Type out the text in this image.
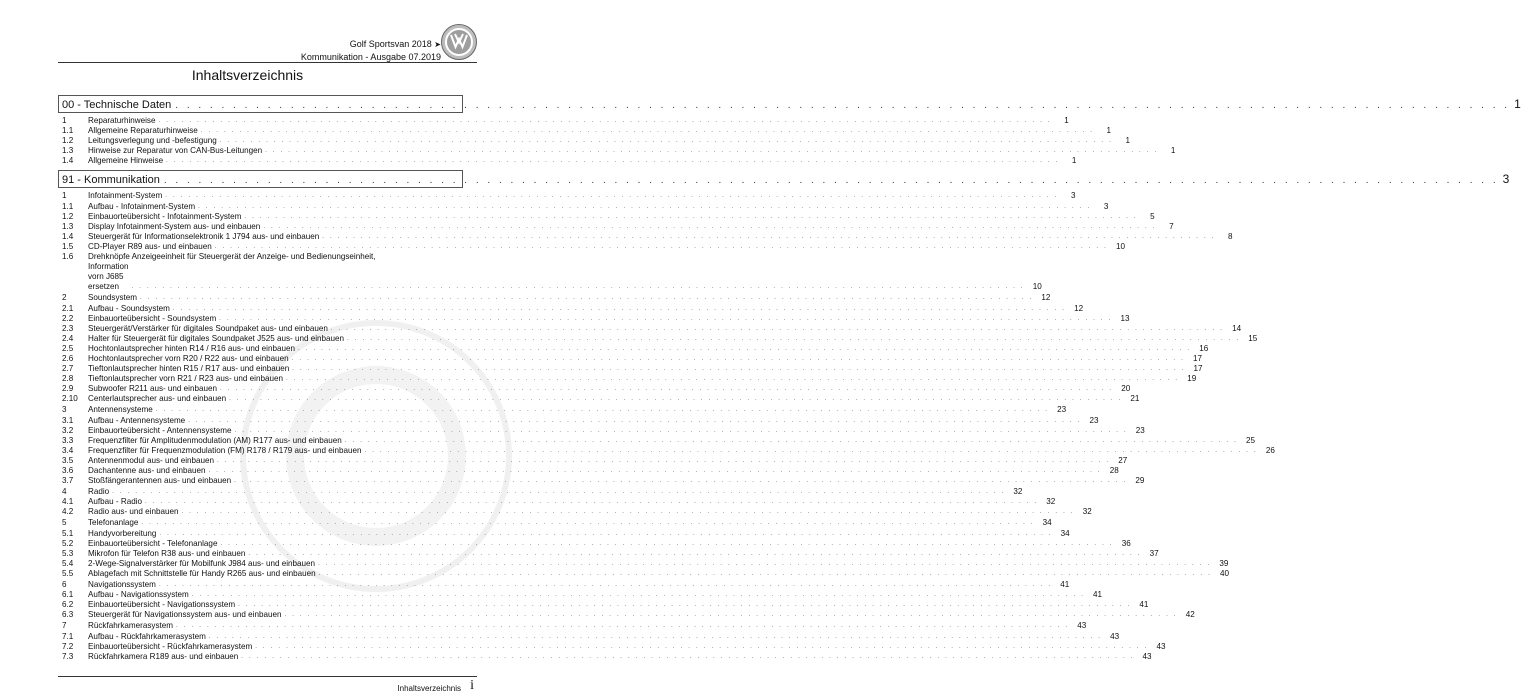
Golf Sportsvan 2018 ➤
Kommunikation - Ausgabe 07.2019
Inhaltsverzeichnis
00 - Technische Daten . . . . . . . . . . . . . . . . . . . . . . . . . . . . . . . . . . . . . . . . . . . . . . . . . . . . . . . . . . . . . . . . . . . . . . . . . . . . . . . . . . . . . . . . . . . . . . . . . . . . . . . . . . . . . . . . . . . . 1
1	Reparaturhinweise . . . . . . . . . . . . . . . . . . . . . . . . . . . . . . . . . . . . . . . . . . . . . . . . . . . . . . . . . . . . . . . . . . . . . . . . . . . . . . . . . . . . . . . . . . . . . . . . . . . . . . . . . . . . . . . . . . . .	1
1.1	Allgemeine Reparaturhinweise . . . . . . . . . . . . . . . . . . . . . . . . . . . . . . . . . . . . . . . . . . . . . . . . . . . . . . . . . . . . . . . . . . . . . . . . . . . . . . . . . . . . . . . . . . . . . . . . . . . . . . . . . . . . . . . . . . . .	1
1.2	Leitungsverlegung und -befestigung . . . . . . . . . . . . . . . . . . . . . . . . . . . . . . . . . . . . . . . . . . . . . . . . . . . . . . . . . . . . . . . . . . . . . . . . . . . . . . . . . . . . . . . . . . . . . . . . . . . . . . . . . . . . . . . . . . . .	1
1.3	Hinweise zur Reparatur von CAN-Bus-Leitungen . . . . . . . . . . . . . . . . . . . . . . . . . . . . . . . . . . . . . . . . . . . . . . . . . . . . . . . . . . . . . . . . . . . . . . . . . . . . . . . . . . . . . . . . . . . . . . . . . . . . . . . . . . . . . . . . . . . .	1
1.4	Allgemeine Hinweise . . . . . . . . . . . . . . . . . . . . . . . . . . . . . . . . . . . . . . . . . . . . . . . . . . . . . . . . . . . . . . . . . . . . . . . . . . . . . . . . . . . . . . . . . . . . . . . . . . . . . . . . . . . . . . . . . . . .	1
91 - Kommunikation . . . . . . . . . . . . . . . . . . . . . . . . . . . . . . . . . . . . . . . . . . . . . . . . . . . . . . . . . . . . . . . . . . . . . . . . . . . . . . . . . . . . . . . . . . . . . . . . . . . . . . . . . . . . . . . . . . . . 3
1	Infotainment-System . . . . . . . . . . . . . . . . . . . . . . . . . . . . . . . . . . . . . . . . . . . . . . . . . . . . . . . . . . . . . . . . . . . . . . . . . . . . . . . . . . . . . . . . . . . . . . . . . . . . . . . . . . . . . . . . . . . .	3
1.1	Aufbau - Infotainment-System . . . . . . . . . . . . . . . . . . . . . . . . . . . . . . . . . . . . . . . . . . . . . . . . . . . . . . . . . . . . . . . . . . . . . . . . . . . . . . . . . . . . . . . . . . . . . . . . . . . . . . . . . . . . . . . . . . . .	3
1.2	Einbauorteübersicht - Infotainment-System . . . . . . . . . . . . . . . . . . . . . . . . . . . . . . . . . . . . . . . . . . . . . . . . . . . . . . . . . . . . . . . . . . . . . . . . . . . . . . . . . . . . . . . . . . . . . . . . . . . . . . . . . . . . . . . . . . . .	5
1.3	Display Infotainment-System aus- und einbauen . . . . . . . . . . . . . . . . . . . . . . . . . . . . . . . . . . . . . . . . . . . . . . . . . . . . . . . . . . . . . . . . . . . . . . . . . . . . . . . . . . . . . . . . . . . . . . . . . . . . . . . . . . . . . . . . . . . .	7
1.4	Steuergerät für Informationselektronik 1 J794 aus- und einbauen . . . . . . . . . . . . . . . . . . . . . . . . . . . . . . . . . . . . . . . . . . . . . . . . . . . . . . . . . . . . . . . . . . . . . . . . . . . . . . . . . . . . . . . . . . . . . . . . . . . . . . . . . . . . . . . . . . . .	8
1.5	CD-Player R89 aus- und einbauen . . . . . . . . . . . . . . . . . . . . . . . . . . . . . . . . . . . . . . . . . . . . . . . . . . . . . . . . . . . . . . . . . . . . . . . . . . . . . . . . . . . . . . . . . . . . . . . . . . . . . . . . . . . . . . . . . . . . 10
1.6	Drehknöpfe Anzeigeeinheit für Steuergerät der Anzeige- und Bedienungseinheit,
Information vorn J685 ersetzen	. . . . . . . . . . . . . . . . . . . . . . . . . . . . . . . . . . . . . . . . . . . . . . . . . . . . . . . . . . . . . . . . . . . . . . . . . . . . . . . . . . . . . . . . . . . . . . . . . . . . . . . . . . . . . . . . . . . . 10
2	Soundsystem . . . . . . . . . . . . . . . . . . . . . . . . . . . . . . . . . . . . . . . . . . . . . . . . . . . . . . . . . . . . . . . . . . . . . . . . . . . . . . . . . . . . . . . . . . . . . . . . . . . . . . . . . . . . . . . . . . . . 12
2.1	Aufbau - Soundsystem . . . . . . . . . . . . . . . . . . . . . . . . . . . . . . . . . . . . . . . . . . . . . . . . . . . . . . . . . . . . . . . . . . . . . . . . . . . . . . . . . . . . . . . . . . . . . . . . . . . . . . . . . . . . . . . . . . . . 12
2.2	Einbauorteübersicht - Soundsystem . . . . . . . . . . . . . . . . . . . . . . . . . . . . . . . . . . . . . . . . . . . . . . . . . . . . . . . . . . . . . . . . . . . . . . . . . . . . . . . . . . . . . . . . . . . . . . . . . . . . . . . . . . . . . . . . . . . . 13
2.3	Steuergerät/Verstärker für digitales Soundpaket aus- und einbauen . . . . . . . . . . . . . . . . . . . . . . . . . . . . . . . . . . . . . . . . . . . . . . . . . . . . . . . . . . . . . . . . . . . . . . . . . . . . . . . . . . . . . . . . . . . . . . . . . . . . . . . . . . . . . . . . . . . . 14
2.4	Halter für Steuergerät für digitales Soundpaket J525 aus- und einbauen . . . . . . . . . . . . . . . . . . . . . . . . . . . . . . . . . . . . . . . . . . . . . . . . . . . . . . . . . . . . . . . . . . . . . . . . . . . . . . . . . . . . . . . . . . . . . . . . . . . . . . . . . . . . . . . . . . . . 15
2.5	Hochtonlautsprecher hinten R14 / R16 aus- und einbauen . . . . . . . . . . . . . . . . . . . . . . . . . . . . . . . . . . . . . . . . . . . . . . . . . . . . . . . . . . . . . . . . . . . . . . . . . . . . . . . . . . . . . . . . . . . . . . . . . . . . . . . . . . . . . . . . . . . . 16
2.6	Hochtonlautsprecher vorn R20 / R22 aus- und einbauen . . . . . . . . . . . . . . . . . . . . . . . . . . . . . . . . . . . . . . . . . . . . . . . . . . . . . . . . . . . . . . . . . . . . . . . . . . . . . . . . . . . . . . . . . . . . . . . . . . . . . . . . . . . . . . . . . . . . 17
2.7	Tieftonlautsprecher hinten R15 / R17 aus- und einbauen . . . . . . . . . . . . . . . . . . . . . . . . . . . . . . . . . . . . . . . . . . . . . . . . . . . . . . . . . . . . . . . . . . . . . . . . . . . . . . . . . . . . . . . . . . . . . . . . . . . . . . . . . . . . . . . . . . . . 17
2.8	Tieftonlautsprecher vorn R21 / R23 aus- und einbauen . . . . . . . . . . . . . . . . . . . . . . . . . . . . . . . . . . . . . . . . . . . . . . . . . . . . . . . . . . . . . . . . . . . . . . . . . . . . . . . . . . . . . . . . . . . . . . . . . . . . . . . . . . . . . . . . . . . . 19
2.9	Subwoofer R211 aus- und einbauen . . . . . . . . . . . . . . . . . . . . . . . . . . . . . . . . . . . . . . . . . . . . . . . . . . . . . . . . . . . . . . . . . . . . . . . . . . . . . . . . . . . . . . . . . . . . . . . . . . . . . . . . . . . . . . . . . . . . 20
2.10	Centerlautsprecher aus- und einbauen . . . . . . . . . . . . . . . . . . . . . . . . . . . . . . . . . . . . . . . . . . . . . . . . . . . . . . . . . . . . . . . . . . . . . . . . . . . . . . . . . . . . . . . . . . . . . . . . . . . . . . . . . . . . . . . . . . . . 21
3	Antennensysteme . . . . . . . . . . . . . . . . . . . . . . . . . . . . . . . . . . . . . . . . . . . . . . . . . . . . . . . . . . . . . . . . . . . . . . . . . . . . . . . . . . . . . . . . . . . . . . . . . . . . . . . . . . . . . . . . . . . . 23
3.1	Aufbau - Antennensysteme . . . . . . . . . . . . . . . . . . . . . . . . . . . . . . . . . . . . . . . . . . . . . . . . . . . . . . . . . . . . . . . . . . . . . . . . . . . . . . . . . . . . . . . . . . . . . . . . . . . . . . . . . . . . . . . . . . . . 23
3.2	Einbauorteübersicht - Antennensysteme . . . . . . . . . . . . . . . . . . . . . . . . . . . . . . . . . . . . . . . . . . . . . . . . . . . . . . . . . . . . . . . . . . . . . . . . . . . . . . . . . . . . . . . . . . . . . . . . . . . . . . . . . . . . . . . . . . . . 23
3.3	Frequenzfilter für Amplitudenmodulation (AM) R177 aus- und einbauen . . . . . . . . . . . . . . . . . . . . . . . . . . . . . . . . . . . . . . . . . . . . . . . . . . . . . . . . . . . . . . . . . . . . . . . . . . . . . . . . . . . . . . . . . . . . . . . . . . . . . . . . . . . . . . . . . . . . 25
3.4	Frequenzfilter für Frequenzmodulation (FM) R178 / R179 aus- und einbauen . . . . . . . . . . . . . . . . . . . . . . . . . . . . . . . . . . . . . . . . . . . . . . . . . . . . . . . . . . . . . . . . . . . . . . . . . . . . . . . . . . . . . . . . . . . . . . . . . . . . . . . . . . . . . . . . . . . . 26
3.5	Antennenmodul aus- und einbauen . . . . . . . . . . . . . . . . . . . . . . . . . . . . . . . . . . . . . . . . . . . . . . . . . . . . . . . . . . . . . . . . . . . . . . . . . . . . . . . . . . . . . . . . . . . . . . . . . . . . . . . . . . . . . . . . . . . . 27
3.6	Dachantenne aus- und einbauen . . . . . . . . . . . . . . . . . . . . . . . . . . . . . . . . . . . . . . . . . . . . . . . . . . . . . . . . . . . . . . . . . . . . . . . . . . . . . . . . . . . . . . . . . . . . . . . . . . . . . . . . . . . . . . . . . . . . 28
3.7	Stoßfängerantennen aus- und einbauen . . . . . . . . . . . . . . . . . . . . . . . . . . . . . . . . . . . . . . . . . . . . . . . . . . . . . . . . . . . . . . . . . . . . . . . . . . . . . . . . . . . . . . . . . . . . . . . . . . . . . . . . . . . . . . . . . . . . 29
4	Radio . . . . . . . . . . . . . . . . . . . . . . . . . . . . . . . . . . . . . . . . . . . . . . . . . . . . . . . . . . . . . . . . . . . . . . . . . . . . . . . . . . . . . . . . . . . . . . . . . . . . . . . . . . . . . . . . . . . . 32
4.1	Aufbau - Radio . . . . . . . . . . . . . . . . . . . . . . . . . . . . . . . . . . . . . . . . . . . . . . . . . . . . . . . . . . . . . . . . . . . . . . . . . . . . . . . . . . . . . . . . . . . . . . . . . . . . . . . . . . . . . . . . . . . . 32
4.2	Radio aus- und einbauen . . . . . . . . . . . . . . . . . . . . . . . . . . . . . . . . . . . . . . . . . . . . . . . . . . . . . . . . . . . . . . . . . . . . . . . . . . . . . . . . . . . . . . . . . . . . . . . . . . . . . . . . . . . . . . . . . . . . 32
5	Telefonanlage . . . . . . . . . . . . . . . . . . . . . . . . . . . . . . . . . . . . . . . . . . . . . . . . . . . . . . . . . . . . . . . . . . . . . . . . . . . . . . . . . . . . . . . . . . . . . . . . . . . . . . . . . . . . . . . . . . . . 34
5.1	Handyvorbereitung . . . . . . . . . . . . . . . . . . . . . . . . . . . . . . . . . . . . . . . . . . . . . . . . . . . . . . . . . . . . . . . . . . . . . . . . . . . . . . . . . . . . . . . . . . . . . . . . . . . . . . . . . . . . . . . . . . . . 34
5.2	Einbauorteübersicht - Telefonanlage . . . . . . . . . . . . . . . . . . . . . . . . . . . . . . . . . . . . . . . . . . . . . . . . . . . . . . . . . . . . . . . . . . . . . . . . . . . . . . . . . . . . . . . . . . . . . . . . . . . . . . . . . . . . . . . . . . . . 36
5.3	Mikrofon für Telefon R38 aus- und einbauen . . . . . . . . . . . . . . . . . . . . . . . . . . . . . . . . . . . . . . . . . . . . . . . . . . . . . . . . . . . . . . . . . . . . . . . . . . . . . . . . . . . . . . . . . . . . . . . . . . . . . . . . . . . . . . . . . . . . 37
5.4	2-Wege-Signalverstärker für Mobilfunk J984 aus- und einbauen . . . . . . . . . . . . . . . . . . . . . . . . . . . . . . . . . . . . . . . . . . . . . . . . . . . . . . . . . . . . . . . . . . . . . . . . . . . . . . . . . . . . . . . . . . . . . . . . . . . . . . . . . . . . . . . . . . . . 39
5.5	Ablagefach mit Schnittstelle für Handy R265 aus- und einbauen . . . . . . . . . . . . . . . . . . . . . . . . . . . . . . . . . . . . . . . . . . . . . . . . . . . . . . . . . . . . . . . . . . . . . . . . . . . . . . . . . . . . . . . . . . . . . . . . . . . . . . . . . . . . . . . . . . . . 40
6	Navigationssystem . . . . . . . . . . . . . . . . . . . . . . . . . . . . . . . . . . . . . . . . . . . . . . . . . . . . . . . . . . . . . . . . . . . . . . . . . . . . . . . . . . . . . . . . . . . . . . . . . . . . . . . . . . . . . . . . . . . . 41
6.1	Aufbau - Navigationssystem . . . . . . . . . . . . . . . . . . . . . . . . . . . . . . . . . . . . . . . . . . . . . . . . . . . . . . . . . . . . . . . . . . . . . . . . . . . . . . . . . . . . . . . . . . . . . . . . . . . . . . . . . . . . . . . . . . . . 41
6.2	Einbauorteübersicht - Navigationssystem . . . . . . . . . . . . . . . . . . . . . . . . . . . . . . . . . . . . . . . . . . . . . . . . . . . . . . . . . . . . . . . . . . . . . . . . . . . . . . . . . . . . . . . . . . . . . . . . . . . . . . . . . . . . . . . . . . . . 41
6.3	Steuergerät für Navigationssystem aus- und einbauen . . . . . . . . . . . . . . . . . . . . . . . . . . . . . . . . . . . . . . . . . . . . . . . . . . . . . . . . . . . . . . . . . . . . . . . . . . . . . . . . . . . . . . . . . . . . . . . . . . . . . . . . . . . . . . . . . . . . 42
7	Rückfahrkamerasystem . . . . . . . . . . . . . . . . . . . . . . . . . . . . . . . . . . . . . . . . . . . . . . . . . . . . . . . . . . . . . . . . . . . . . . . . . . . . . . . . . . . . . . . . . . . . . . . . . . . . . . . . . . . . . . . . . . . . 43
7.1	Aufbau - Rückfahrkamerasystem . . . . . . . . . . . . . . . . . . . . . . . . . . . . . . . . . . . . . . . . . . . . . . . . . . . . . . . . . . . . . . . . . . . . . . . . . . . . . . . . . . . . . . . . . . . . . . . . . . . . . . . . . . . . . . . . . . . . 43
7.2	Einbauorteübersicht - Rückfahrkamerasystem . . . . . . . . . . . . . . . . . . . . . . . . . . . . . . . . . . . . . . . . . . . . . . . . . . . . . . . . . . . . . . . . . . . . . . . . . . . . . . . . . . . . . . . . . . . . . . . . . . . . . . . . . . . . . . . . . . . . 43
7.3	Rückfahrkamera R189 aus- und einbauen . . . . . . . . . . . . . . . . . . . . . . . . . . . . . . . . . . . . . . . . . . . . . . . . . . . . . . . . . . . . . . . . . . . . . . . . . . . . . . . . . . . . . . . . . . . . . . . . . . . . . . . . . . . . . . . . . . . . 43
Inhaltsverzeichnis i
